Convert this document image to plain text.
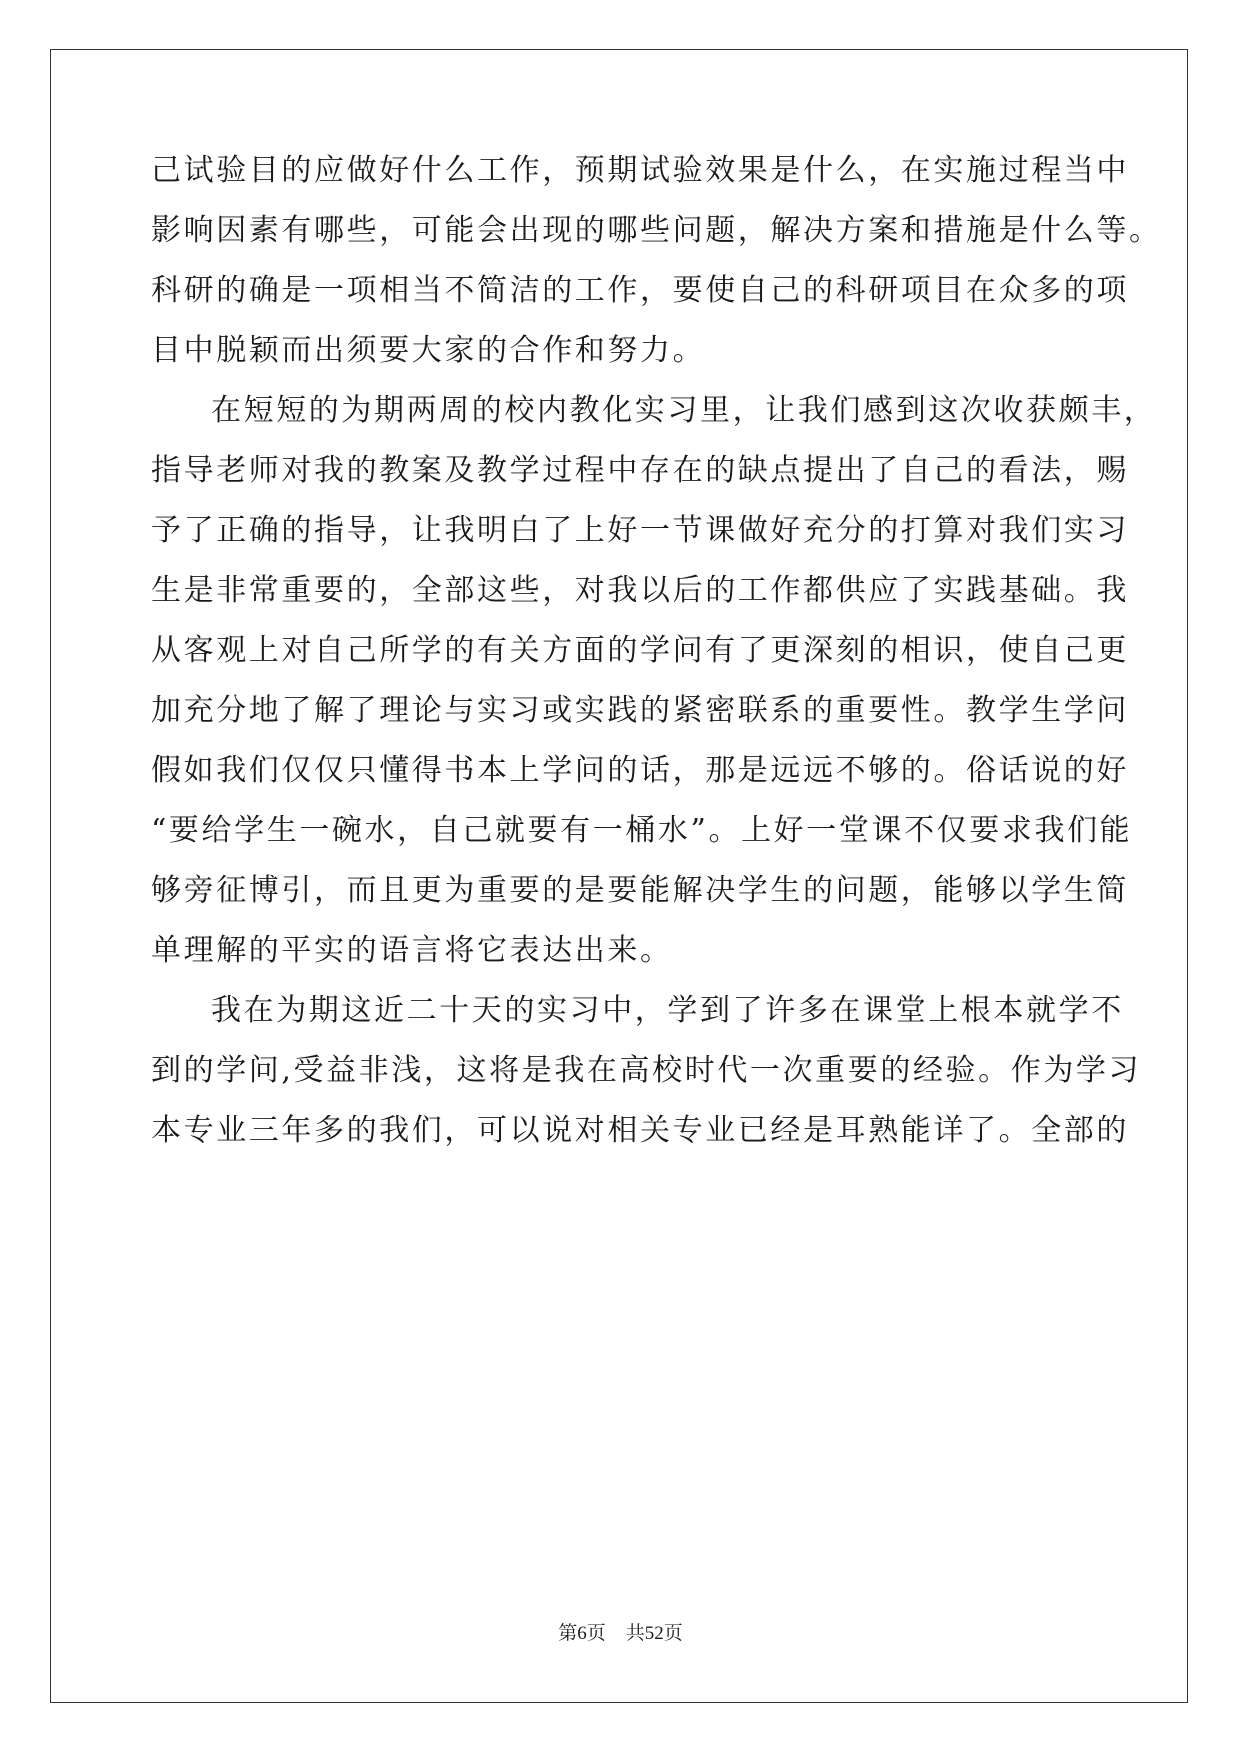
己试验目的应做好什么工作，预期试验效果是什么，在实施过程当中
影响因素有哪些，可能会出现的哪些问题，解决方案和措施是什么等。
科研的确是一项相当不简洁的工作，要使自己的科研项目在众多的项
目中脱颖而出须要大家的合作和努力。
在短短的为期两周的校内教化实习里，让我们感到这次收获颇丰，
指导老师对我的教案及教学过程中存在的缺点提出了自己的看法，赐
予了正确的指导，让我明白了上好一节课做好充分的打算对我们实习
生是非常重要的，全部这些，对我以后的工作都供应了实践基础。我
从客观上对自己所学的有关方面的学问有了更深刻的相识，使自己更
加充分地了解了理论与实习或实践的紧密联系的重要性。教学生学问
假如我们仅仅只懂得书本上学问的话，那是远远不够的。俗话说的好
“要给学生一碗水，自己就要有一桶水”。上好一堂课不仅要求我们能
够旁征博引，而且更为重要的是要能解决学生的问题，能够以学生简
单理解的平实的语言将它表达出来。
我在为期这近二十天的实习中，学到了许多在课堂上根本就学不
到的学问,受益非浅，这将是我在高校时代一次重要的经验。作为学习
本专业三年多的我们，可以说对相关专业已经是耳熟能详了。全部的
第6页 共52页
